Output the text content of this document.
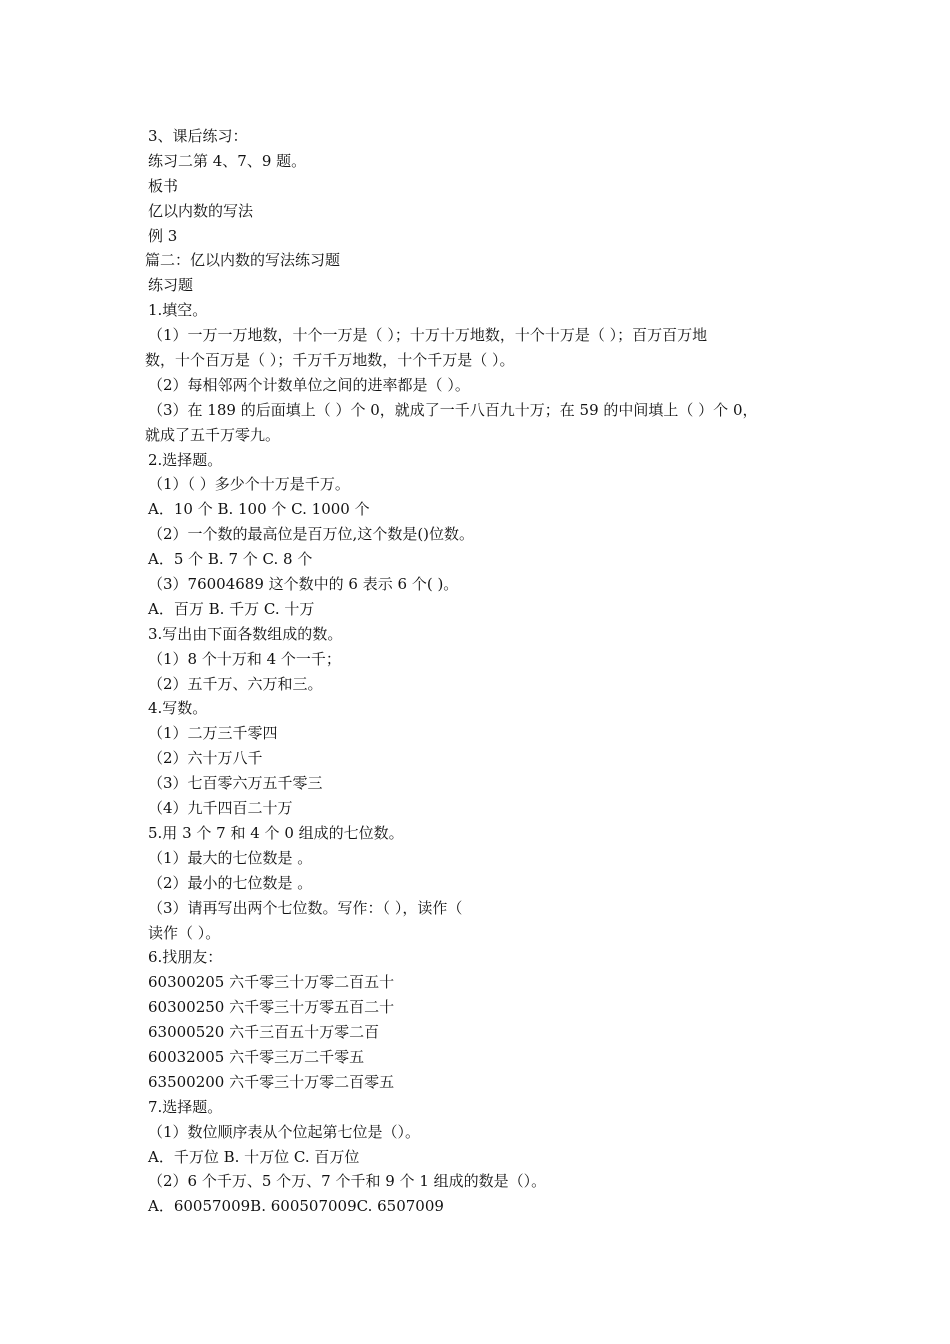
3、课后练习：

练习二第 4、7、9 题。

板书

亿以内数的写法

例 3

篇二：亿以内数的写法练习题

练习题

1.填空。

（1）一万一万地数，十个一万是（ ）；十万十万地数，十个十万是（ ）；百万百万地

数，十个百万是（ ）；千万千万地数，十个千万是（ ）。

（2）每相邻两个计数单位之间的进率都是（ ）。

（3）在 189 的后面填上（ ）个 0，就成了一千八百九十万；在 59 的中间填上（ ）个 0，

就成了五千万零九。

2.选择题。

（1）（ ）多少个十万是千万。

A．10 个 B. 100 个 C. 1000 个

（2）一个数的最高位是百万位,这个数是()位数。

A．5 个 B. 7 个 C. 8 个

（3）76004689 这个数中的 6 表示 6 个( )。

A．百万 B. 千万 C. 十万

3.写出由下面各数组成的数。

（1）8 个十万和 4 个一千；

（2）五千万、六万和三。

4.写数。

（1）二万三千零四

（2）六十万八千

（3）七百零六万五千零三

（4）九千四百二十万

5.用 3 个 7 和 4 个 0 组成的七位数。

（1）最大的七位数是 。

（2）最小的七位数是 。

（3）请再写出两个七位数。写作：（ ），读作（

读作（ ）。

6.找朋友：

60300205 六千零三十万零二百五十

60300250 六千零三十万零五百二十

63000520 六千三百五十万零二百

60032005 六千零三万二千零五

63500200 六千零三十万零二百零五

7.选择题。

（1）数位顺序表从个位起第七位是（）。

A．千万位 B. 十万位 C. 百万位

（2）6 个千万、5 个万、7 个千和 9 个 1 组成的数是（）。

A．60057009B. 600507009C. 6507009
